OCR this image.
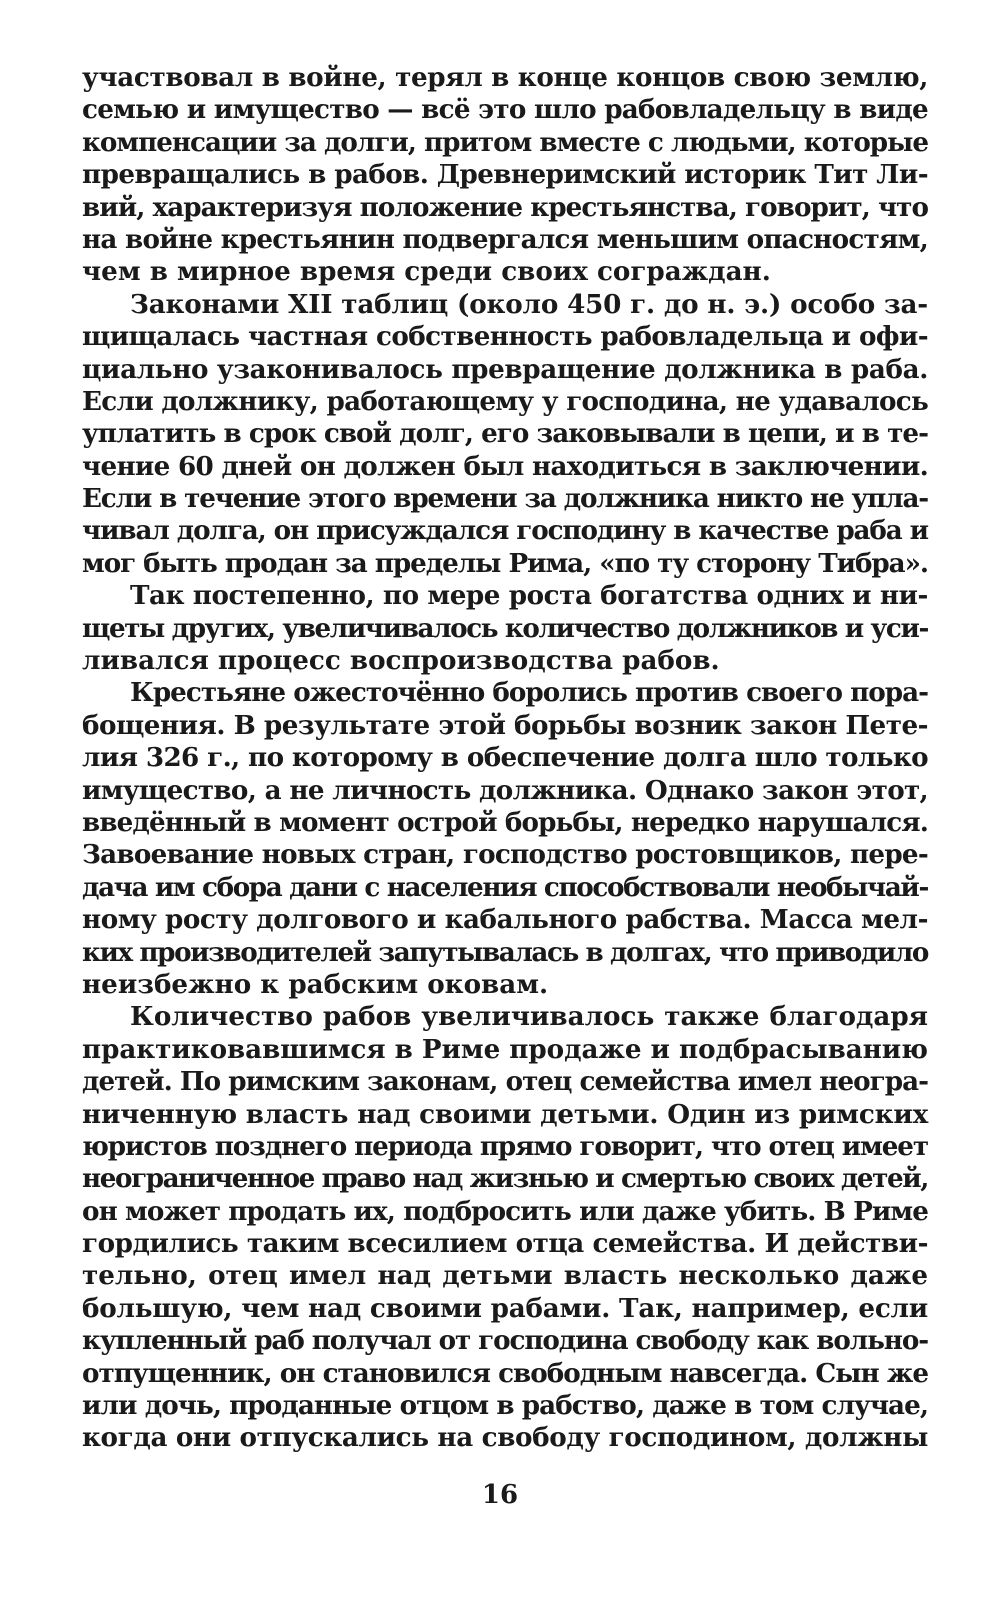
участвовал в войне, терял в конце концов свою землю,
семью и имущество — всё это шло рабовладельцу в виде
компенсации за долги, притом вместе с людьми, которые
превращались в рабов. Древнеримский историк Тит Ли-
вий, характеризуя положение крестьянства, говорит, что
на войне крестьянин подвергался меньшим опасностям,
чем в мирное время среди своих сограждан.
Законами XII таблиц (около 450 г. до н. э.) особо за-
щищалась частная собственность рабовладельца и офи-
циально узаконивалось превращение должника в раба.
Если должнику, работающему у господина, не удавалось
уплатить в срок свой долг, его заковывали в цепи, и в те-
чение 60 дней он должен был находиться в заключении.
Если в течение этого времени за должника никто не упла-
чивал долга, он присуждался господину в качестве раба и
мог быть продан за пределы Рима, «по ту сторону Тибра».
Так постепенно, по мере роста богатства одних и ни-
щеты других, увеличивалось количество должников и уси-
ливался процесс воспроизводства рабов.
Крестьяне ожесточённо боролись против своего пора-
бощения. В результате этой борьбы возник закон Пете-
лия 326 г., по которому в обеспечение долга шло только
имущество, а не личность должника. Однако закон этот,
введённый в момент острой борьбы, нередко нарушался.
Завоевание новых стран, господство ростовщиков, пере-
дача им сбора дани с населения способствовали необычай-
ному росту долгового и кабального рабства. Масса мел-
ких производителей запутывалась в долгах, что приводило
неизбежно к рабским оковам.
Количество рабов увеличивалось также благодаря
практиковавшимся в Риме продаже и подбрасыванию
детей. По римским законам, отец семейства имел неогра-
ниченную власть над своими детьми. Один из римских
юристов позднего периода прямо говорит, что отец имеет
неограниченное право над жизнью и смертью своих детей,
он может продать их, подбросить или даже убить. В Риме
гордились таким всесилием отца семейства. И действи-
тельно, отец имел над детьми власть несколько даже
большую, чем над своими рабами. Так, например, если
купленный раб получал от господина свободу как вольно-
отпущенник, он становился свободным навсегда. Сын же
или дочь, проданные отцом в рабство, даже в том случае,
когда они отпускались на свободу господином, должны
16
